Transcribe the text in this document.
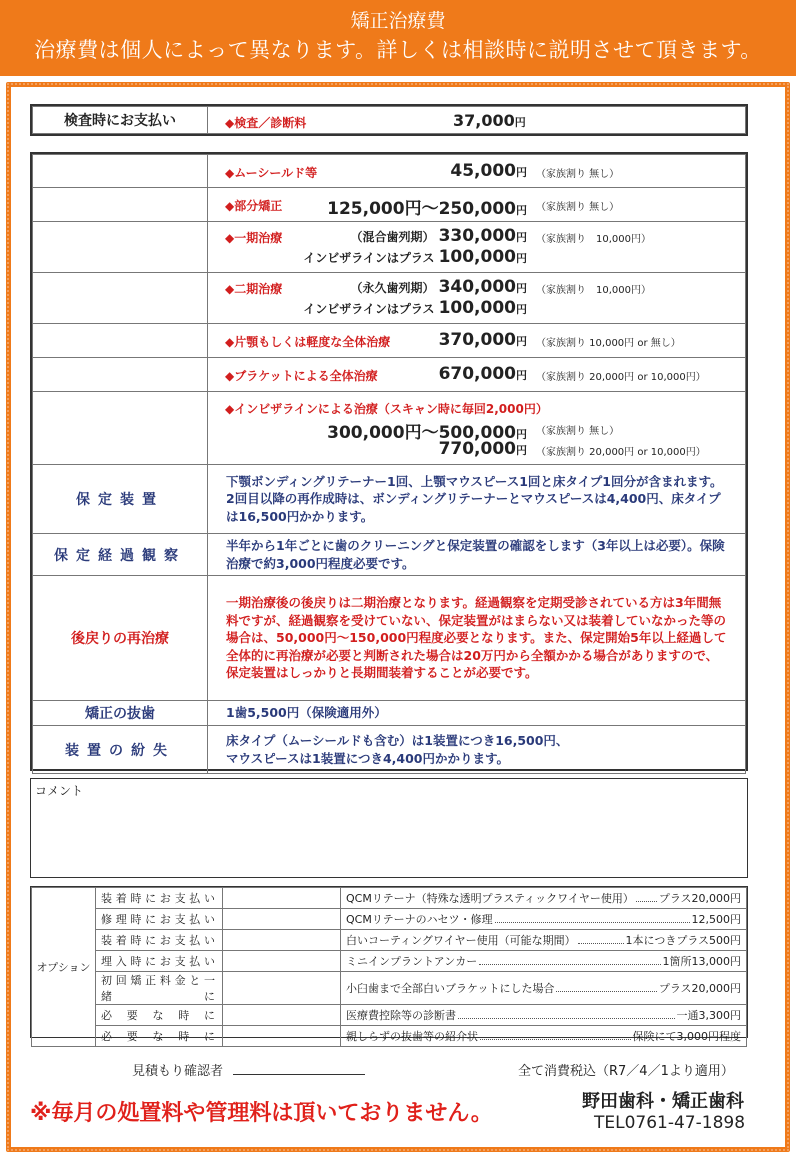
矯正治療費
治療費は個人によって異なります。詳しくは相談時に説明させて頂きます。
検査時にお支払い	◆検査／診断料	37,000円

	◆ムーシールド等 45,000円 （家族割り 無し）

	◆部分矯正 125,000円～250,000円 （家族割り 無し）

	◆一期治療 （混合歯列期） 330,000円 （家族割り　10,000円）
インビザラインはプラス 100,000円

	◆二期治療 （永久歯列期） 340,000円 （家族割り　10,000円）
インビザラインはプラス 100,000円

	◆片顎もしくは軽度な全体治療 370,000円 （家族割り 10,000円 or 無し）

	◆ブラケットによる全体治療 670,000円 （家族割り 20,000円 or 10,000円）

	◆インビザラインによる治療（スキャン時に毎回2,000円）
300,000円～500,000円 （家族割り 無し）
770,000円 （家族割り 20,000円 or 10,000円）

保定装置	下顎ボンディングリテーナー1回、上顎マウスピース1回と床タイプ1回分が含まれます。2回目以降の再作成時は、ボンディングリテーナーとマウスピースは4,400円、床タイプは16,500円かかります。
保定経過観察	半年から1年ごとに歯のクリーニングと保定装置の確認をします（3年以上は必要）。保険治療で約3,000円程度必要です。
後戻りの再治療	一期治療後の後戻りは二期治療となります。経過観察を定期受診されている方は3年間無料ですが、経過観察を受けていない、保定装置がはまらない又は装着していなかった等の場合は、50,000円～150,000円程度必要となります。また、保定開始5年以上経過して全体的に再治療が必要と判断された場合は20万円から全額かかる場合がありますので、保定装置はしっかりと長期間装着することが必要です。
矯正の抜歯	1歯5,500円（保険適用外）
装置の紛失	床タイプ（ムーシールドも含む）は1装置につき16,500円、
マウスピースは1装置につき4,400円かかります。
コメント
オプション	装着時にお支払い		QCMリテーナ（特殊な透明プラスティックワイヤー使用） プラス20,000円

	修理時にお支払い		QCMリテーナのハセツ・修理 12,500円

	装着時にお支払い		白いコーティングワイヤー使用（可能な期間） 1本につきプラス500円

	埋入時にお支払い		ミニインプラントアンカー 1箇所13,000円

	初回矯正料金と一緒に		小臼歯まで全部白いブラケットにした場合 プラス20,000円

	必要な時に		医療費控除等の診断書 一通3,300円

	必要な時に		親しらずの抜歯等の紹介状 保険にて3,000円程度
見積もり確認者	全て消費税込（R7／4／1より適用）
※毎月の処置料や管理料は頂いておりません。	野田歯科・矯正歯科
TEL0761-47-1898
